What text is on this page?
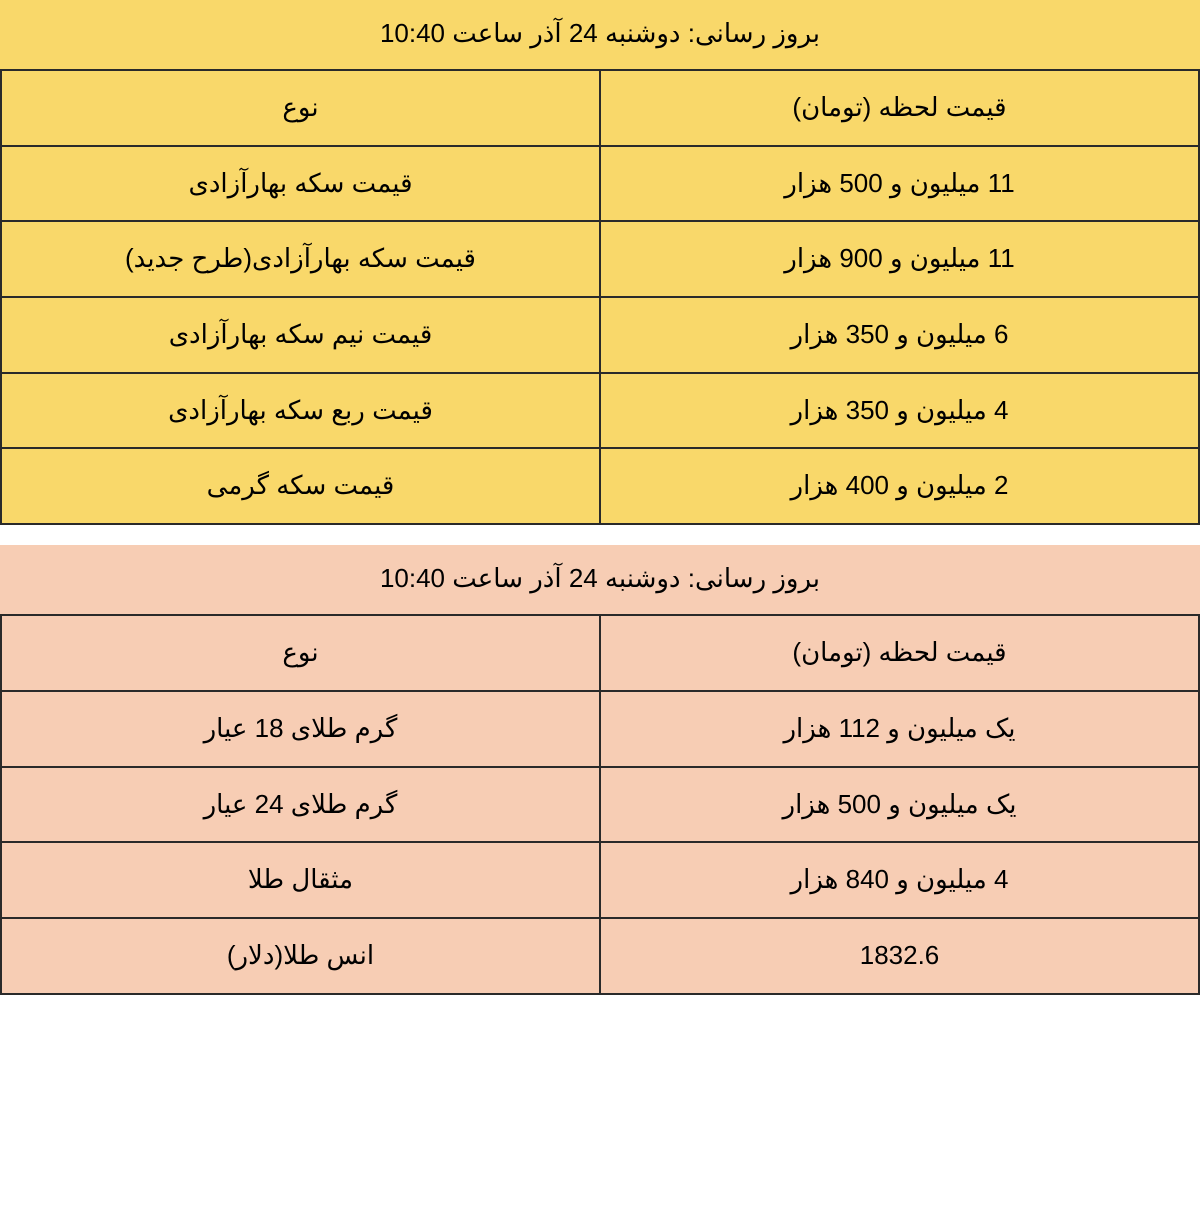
بروز رسانی: دوشنبه 24 آذر ساعت 10:40	
قیمت لحظه (تومان)	نوع
11 میلیون و 500 هزار	قیمت سکه بهارآزادی
11 میلیون و 900 هزار	قیمت سکه بهارآزادی(طرح جدید)
6 میلیون و 350 هزار	قیمت نیم سکه بهارآزادی
4 میلیون و 350 هزار	قیمت ربع سکه بهارآزادی
2 میلیون و 400 هزار	قیمت سکه گرمی
بروز رسانی: دوشنبه 24 آذر ساعت 10:40	
قیمت لحظه (تومان)	نوع
یک میلیون و 112 هزار	گرم طلای 18 عیار
یک میلیون و 500 هزار	گرم طلای 24 عیار
4 میلیون و 840 هزار	مثقال طلا
1832.6	انس طلا(دلار)
